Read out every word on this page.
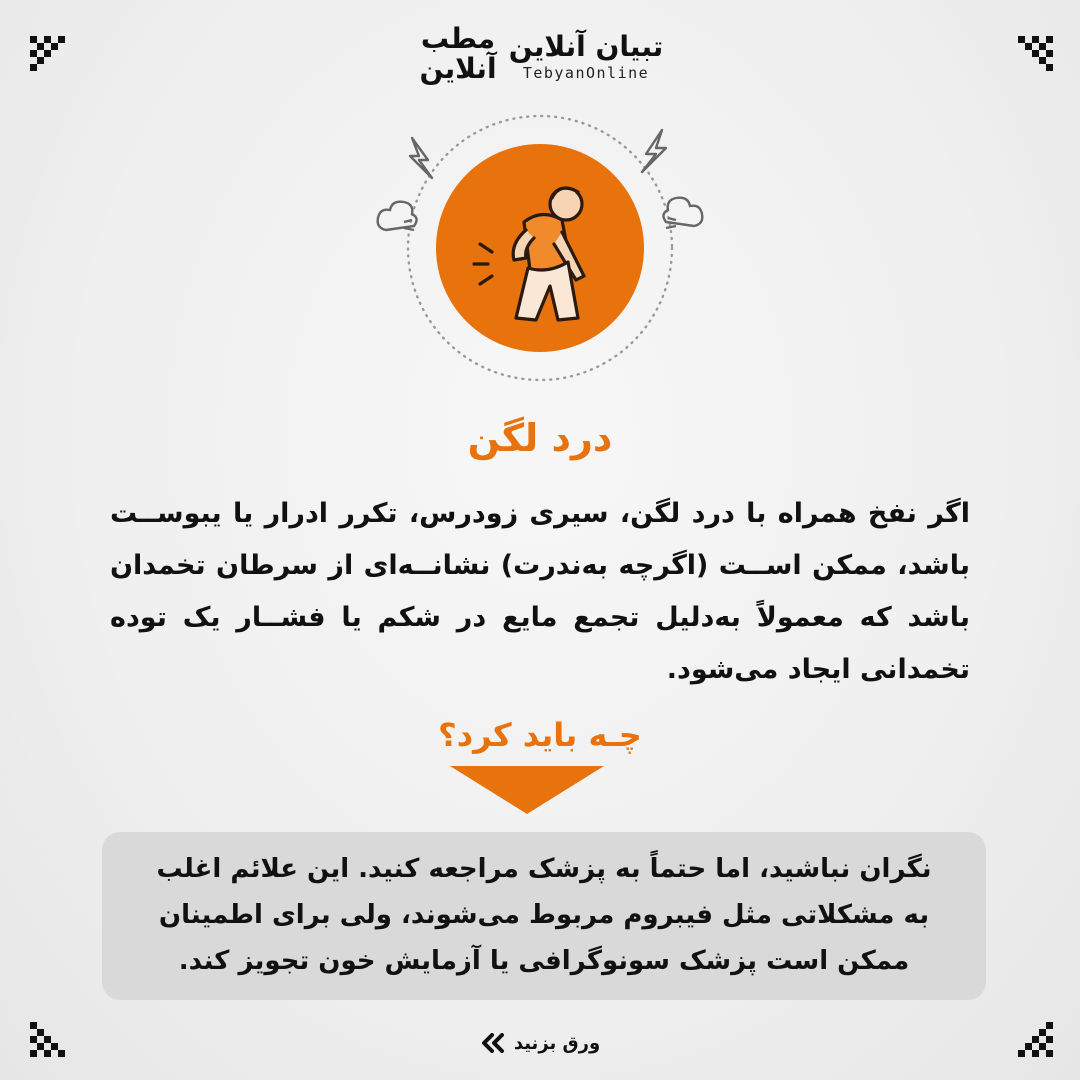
تبیان آنلاین
TebyanOnline
مطب
آنلاین
درد لگن
اگر نفخ همراه با درد لگن، سیری زودرس، تکرر ادرار یا یبوســت باشد، ممکن اســت (اگرچه به‌ندرت) نشانــه‌ای از سرطان تخمدان باشد که معمولاً به‌دلیل تجمع مایع در شکم یا فشــار یک توده تخمدانی ایجاد می‌شود.
چـه باید کرد؟
نگران نباشید، اما حتماً به پزشک مراجعه کنید. این علائم اغلب به مشکلاتی مثل فیبروم مربوط می‌شوند، ولی برای اطمینان ممکن است پزشک سونوگرافی یا آزمایش خون تجویز کند.
ورق بزنید
